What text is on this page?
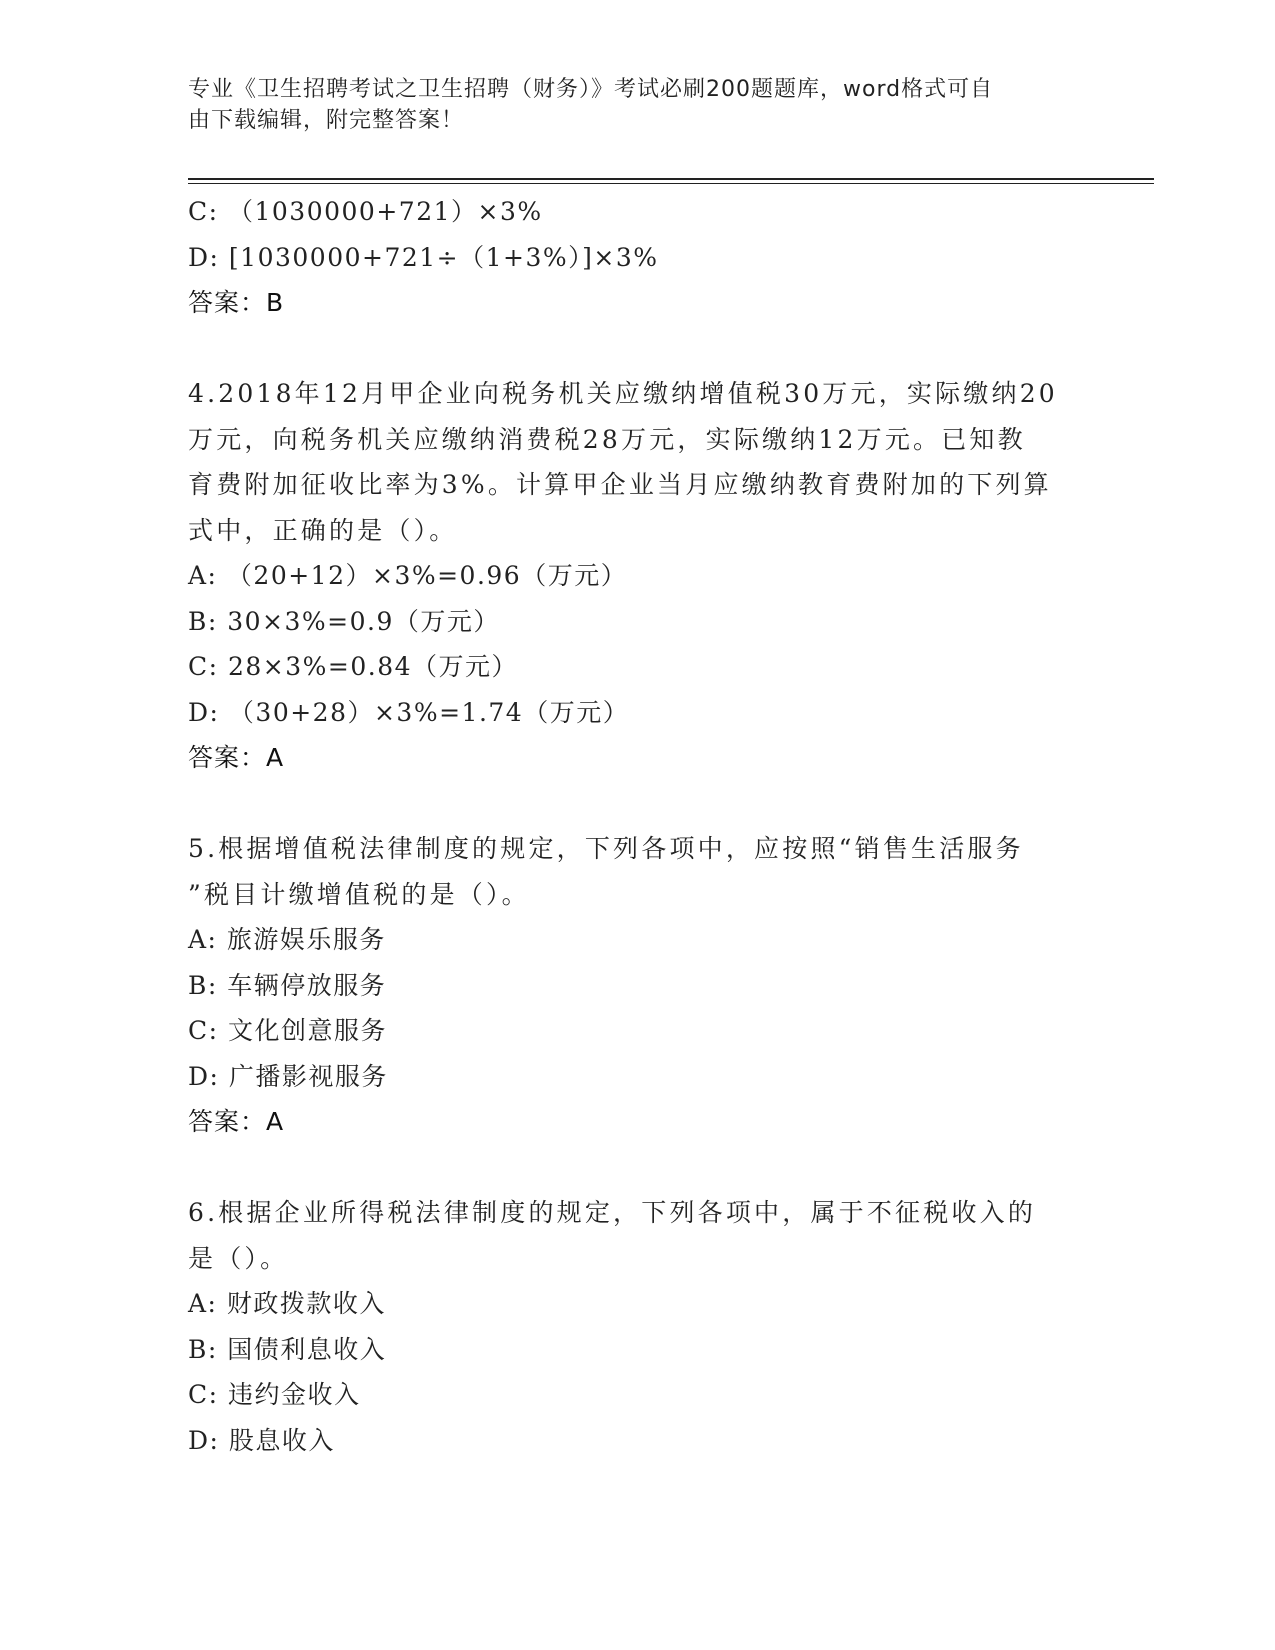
专业《卫生招聘考试之卫生招聘（财务）》考试必刷200题题库，word格式可自
由下载编辑，附完整答案！
C: （1030000+721）×3%
D: [1030000+721÷（1+3%）]×3%
答案：B
4.2018年12月甲企业向税务机关应缴纳增值税30万元，实际缴纳20
万元，向税务机关应缴纳消费税28万元，实际缴纳12万元。已知教
育费附加征收比率为3%。计算甲企业当月应缴纳教育费附加的下列算
式中，正确的是（）。
A: （20+12）×3%=0.96（万元）
B: 30×3%=0.9（万元）
C: 28×3%=0.84（万元）
D: （30+28）×3%=1.74（万元）
答案：A
5.根据增值税法律制度的规定，下列各项中，应按照“销售生活服务
”税目计缴增值税的是（）。
A: 旅游娱乐服务
B: 车辆停放服务
C: 文化创意服务
D: 广播影视服务
答案：A
6.根据企业所得税法律制度的规定，下列各项中，属于不征税收入的
是（）。
A: 财政拨款收入
B: 国债利息收入
C: 违约金收入
D: 股息收入
